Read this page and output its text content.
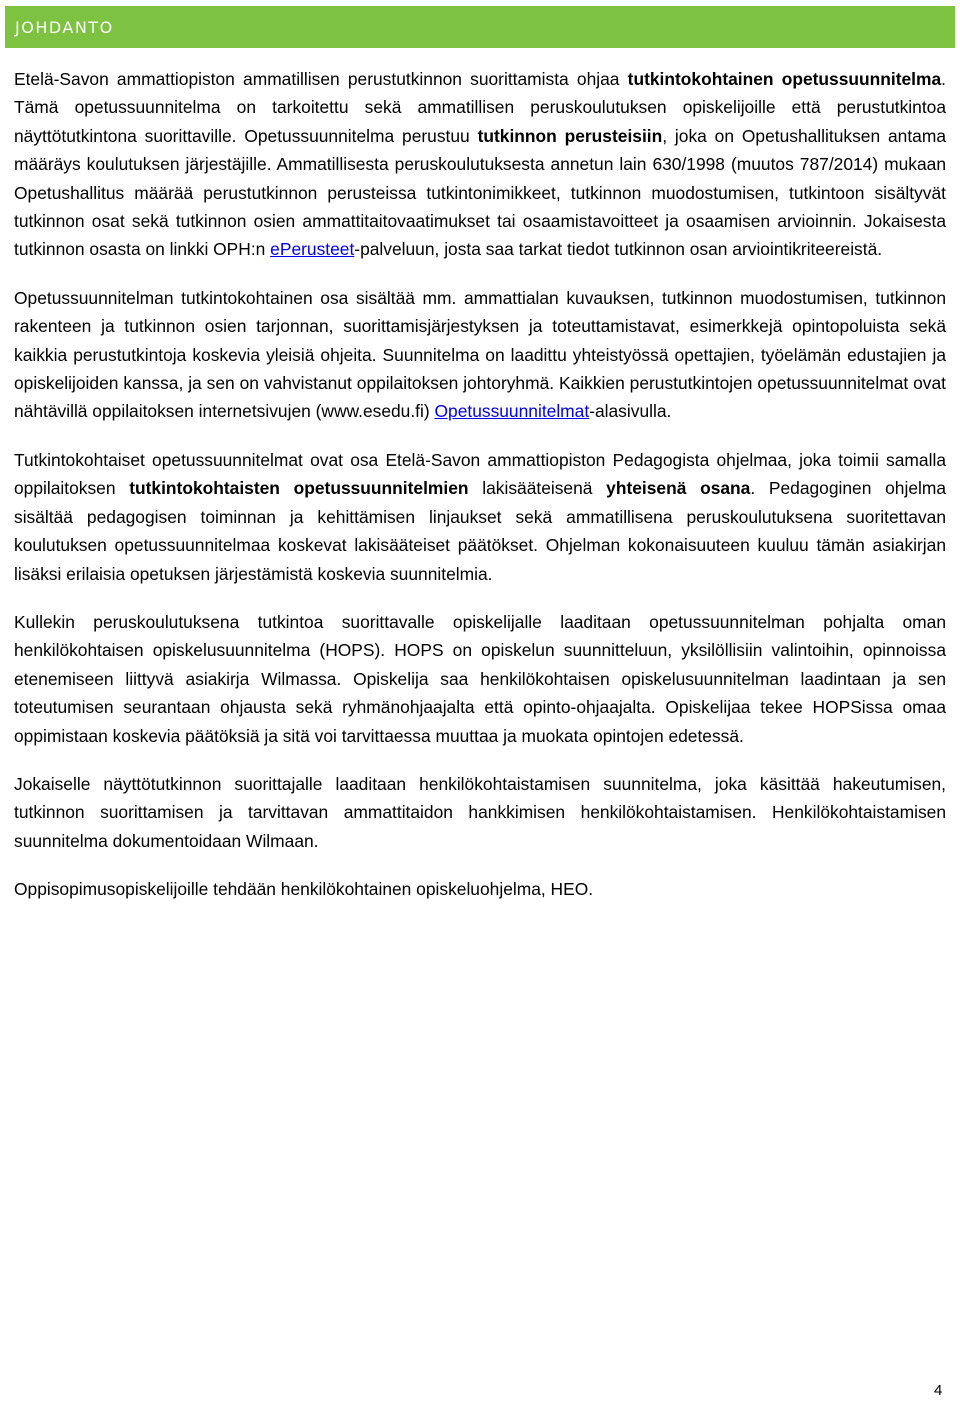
JOHDANTO

Etelä-Savon ammattiopiston ammatillisen perustutkinnon suorittamista ohjaa tutkintokohtainen opetussuunnitelma. Tämä opetussuunnitelma on tarkoitettu sekä ammatillisen peruskoulutuksen opiskelijoille että perustutkintoa näyttötutkintona suorittaville. Opetussuunnitelma perustuu tutkinnon perusteisiin, joka on Opetushallituksen antama määräys koulutuksen järjestäjille. Ammatillisesta peruskoulutuksesta annetun lain 630/1998 (muutos 787/2014) mukaan Opetushallitus määrää perustutkinnon perusteissa tutkintonimikkeet, tutkinnon muodostumisen, tutkintoon sisältyvät tutkinnon osat sekä tutkinnon osien ammattitaitovaatimukset tai osaamistavoitteet ja osaamisen arvioinnin. Jokaisesta tutkinnon osasta on linkki OPH:n ePerusteet-palveluun, josta saa tarkat tiedot tutkinnon osan arviointikriteereistä.

Opetussuunnitelman tutkintokohtainen osa sisältää mm. ammattialan kuvauksen, tutkinnon muodostumisen, tutkinnon rakenteen ja tutkinnon osien tarjonnan, suorittamisjärjestyksen ja toteuttamistavat, esimerkkejä opintopoluista sekä kaikkia perustutkintoja koskevia yleisiä ohjeita. Suunnitelma on laadittu yhteistyössä opettajien, työelämän edustajien ja opiskelijoiden kanssa, ja sen on vahvistanut oppilaitoksen johtoryhmä. Kaikkien perustutkintojen opetussuunnitelmat ovat nähtävillä oppilaitoksen internetsivujen (www.esedu.fi) Opetussuunnitelmat-alasivulla.

Tutkintokohtaiset opetussuunnitelmat ovat osa Etelä-Savon ammattiopiston Pedagogista ohjelmaa, joka toimii samalla oppilaitoksen tutkintokohtaisten opetussuunnitelmien lakisääteisenä yhteisenä osana. Pedagoginen ohjelma sisältää pedagogisen toiminnan ja kehittämisen linjaukset sekä ammatillisena peruskoulutuksena suoritettavan koulutuksen opetussuunnitelmaa koskevat lakisääteiset päätökset. Ohjelman kokonaisuuteen kuuluu tämän asiakirjan lisäksi erilaisia opetuksen järjestämistä koskevia suunnitelmia.

Kullekin peruskoulutuksena tutkintoa suorittavalle opiskelijalle laaditaan opetussuunnitelman pohjalta oman henkilökohtaisen opiskelusuunnitelma (HOPS). HOPS on opiskelun suunnitteluun, yksilöllisiin valintoihin, opinnoissa etenemiseen liittyvä asiakirja Wilmassa. Opiskelija saa henkilökohtaisen opiskelusuunnitelman laadintaan ja sen toteutumisen seurantaan ohjausta sekä ryhmänohjaajalta että opinto-ohjaajalta. Opiskelijaa tekee HOPSissa omaa oppimistaan koskevia päätöksiä ja sitä voi tarvittaessa muuttaa ja muokata opintojen edetessä.

Jokaiselle näyttötutkinnon suorittajalle laaditaan henkilökohtaistamisen suunnitelma, joka käsittää hakeutumisen, tutkinnon suorittamisen ja tarvittavan ammattitaidon hankkimisen henkilökohtaistamisen. Henkilökohtaistamisen suunnitelma dokumentoidaan Wilmaan.

Oppisopimusopiskelijoille tehdään henkilökohtainen opiskeluohjelma, HEO.

4
